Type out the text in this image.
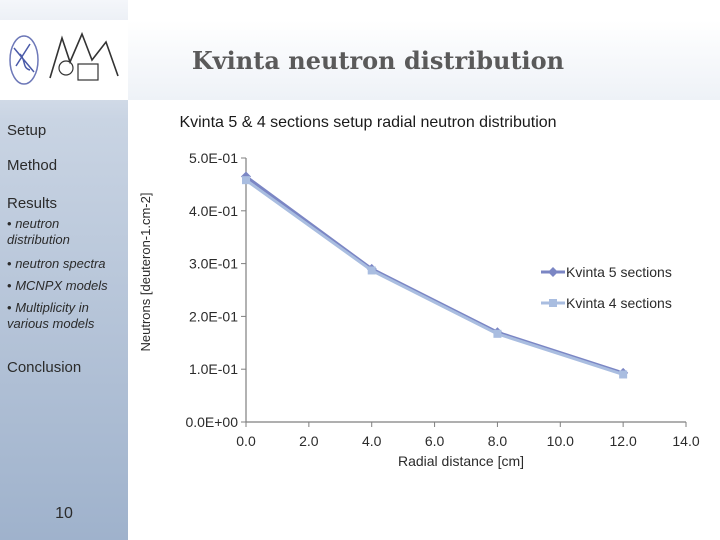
Kvinta neutron distribution
Setup
Method
Results
• neutron distribution
• neutron spectra
• MCNPX models
• Multiplicity in various models
Conclusion
10
Kvinta 5 & 4 sections setup radial neutron distribution
Neutrons [deuteron-1.cm-2]
Radial distance [cm]
0.0E+00
1.0E-01
2.0E-01
3.0E-01
4.0E-01
5.0E-01
0.0	2.0	4.0	6.0	8.0	10.0	12.0	14.0
Kvinta 5 sections
Kvinta 4 sections
